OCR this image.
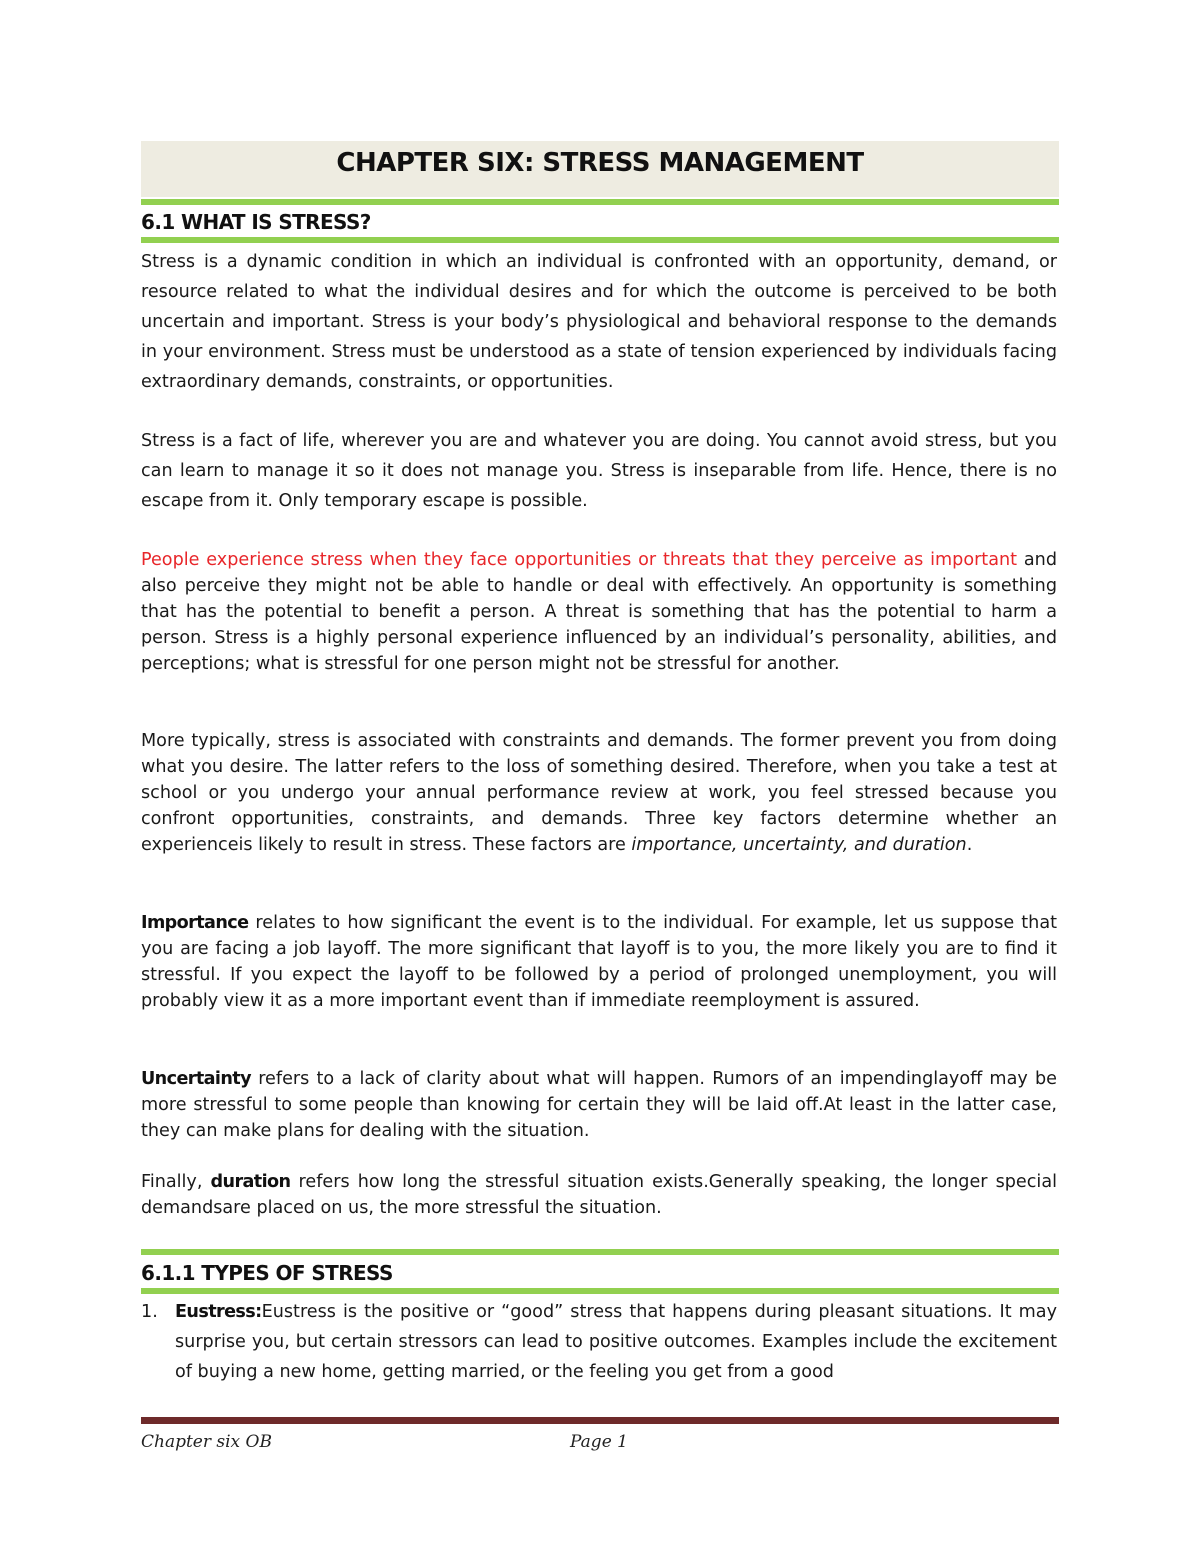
CHAPTER SIX: STRESS MANAGEMENT
6.1 WHAT IS STRESS?

Stress is a dynamic condition in which an individual is confronted with an opportunity, demand, or resource related to what the individual desires and for which the outcome is perceived to be both uncertain and important. Stress is your body’s physiological and behavioral response to the demands in your environment. Stress must be understood as a state of tension experienced by individuals facing extraordinary demands, constraints, or opportunities.

Stress is a fact of life, wherever you are and whatever you are doing. You cannot avoid stress, but you can learn to manage it so it does not manage you. Stress is inseparable from life. Hence, there is no escape from it. Only temporary escape is possible.

People experience stress when they face opportunities or threats that they perceive as important and also perceive they might not be able to handle or deal with effectively. An opportunity is something that has the potential to benefit a person. A threat is something that has the potential to harm a person. Stress is a highly personal experience influenced by an individual’s personality, abilities, and perceptions; what is stressful for one person might not be stressful for another.

More typically, stress is associated with constraints and demands. The former prevent you from doing what you desire. The latter refers to the loss of something desired. Therefore, when you take a test at school or you undergo your annual performance review at work, you feel stressed because you confront opportunities, constraints, and demands. Three key factors determine whether an experienceis likely to result in stress. These factors are importance, uncertainty, and duration.

Importance relates to how significant the event is to the individual. For example, let us suppose that you are facing a job layoff. The more significant that layoff is to you, the more likely you are to find it stressful. If you expect the layoff to be followed by a period of prolonged unemployment, you will probably view it as a more important event than if immediate reemployment is assured.

Uncertainty refers to a lack of clarity about what will happen. Rumors of an impendinglayoff may be more stressful to some people than knowing for certain they will be laid off.At least in the latter case, they can make plans for dealing with the situation.

Finally, duration refers how long the stressful situation exists.Generally speaking, the longer special demandsare placed on us, the more stressful the situation.

6.1.1 TYPES OF STRESS
1. Eustress:Eustress is the positive or “good” stress that happens during pleasant situations. It may surprise you, but certain stressors can lead to positive outcomes. Examples include the excitement of buying a new home, getting married, or the feeling you get from a good
Chapter six OB	Page 1
